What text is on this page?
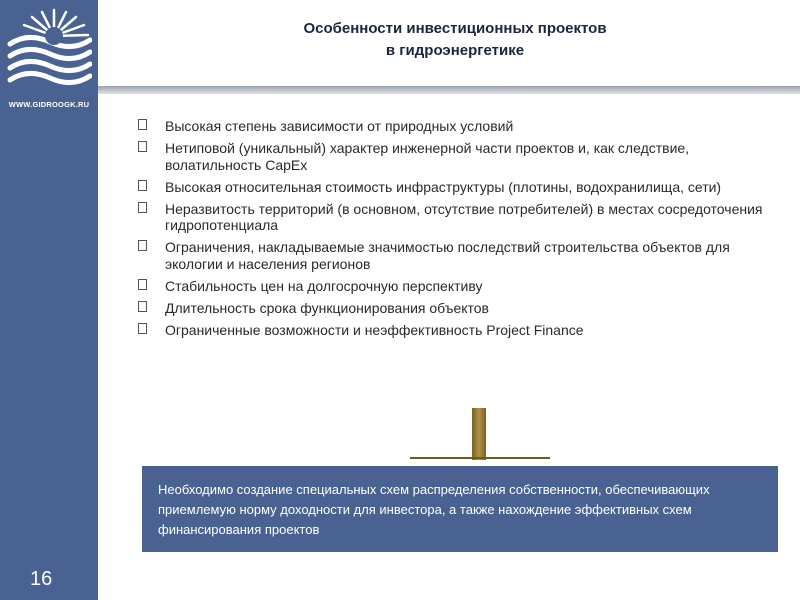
WWW.GIDROOGK.RU
16
Особенности инвестиционных проектов
в гидроэнергетике
Высокая степень зависимости от природных условий
Нетиповой (уникальный) характер инженерной части проектов и, как следствие, волатильность CapEx
Высокая относительная стоимость инфраструктуры (плотины, водохранилища, сети)
Неразвитость территорий (в основном, отсутствие потребителей) в местах сосредоточения гидропотенциала
Ограничения, накладываемые значимостью последствий строительства объектов для экологии и населения регионов
Стабильность цен на долгосрочную перспективу
Длительность срока функционирования объектов
Ограниченные возможности и неэффективность Project Finance
Необходимо создание специальных схем распределения собственности, обеспечивающих приемлемую норму доходности для инвестора, а также нахождение эффективных схем финансирования проектов
